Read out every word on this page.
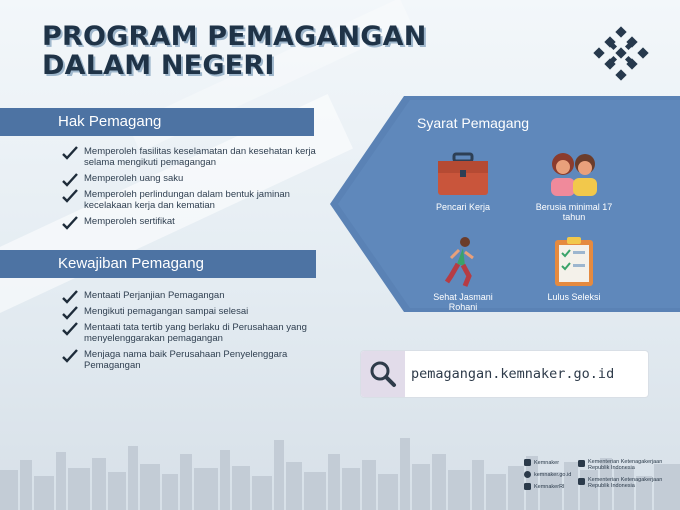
PROGRAM PEMAGANGAN
DALAM NEGERI
Hak Pemagang
Memperoleh fasilitas keselamatan dan kesehatan kerja selama mengikuti pemagangan
Memperoleh uang saku
Memperoleh perlindungan dalam bentuk jaminan kecelakaan kerja dan kematian
Memperoleh sertifikat
Kewajiban Pemagang
Mentaati Perjanjian Pemagangan
Mengikuti pemagangan sampai selesai
Mentaati tata tertib yang berlaku di Perusahaan yang menyelenggarakan pemagangan
Menjaga nama baik Perusahaan Penyelenggara Pemagangan
Syarat Pemagang
Pencari Kerja	Berusia minimal 17 tahun
Sehat Jasmani Rohani
Lulus Seleksi
pemagangan.kemnaker.go.id
Kemnaker
kemnaker.go.id
KemnakerRI
Kementerian Ketenagakerjaan Republik Indonesia
Kementerian Ketenagakerjaan Republik Indonesia
